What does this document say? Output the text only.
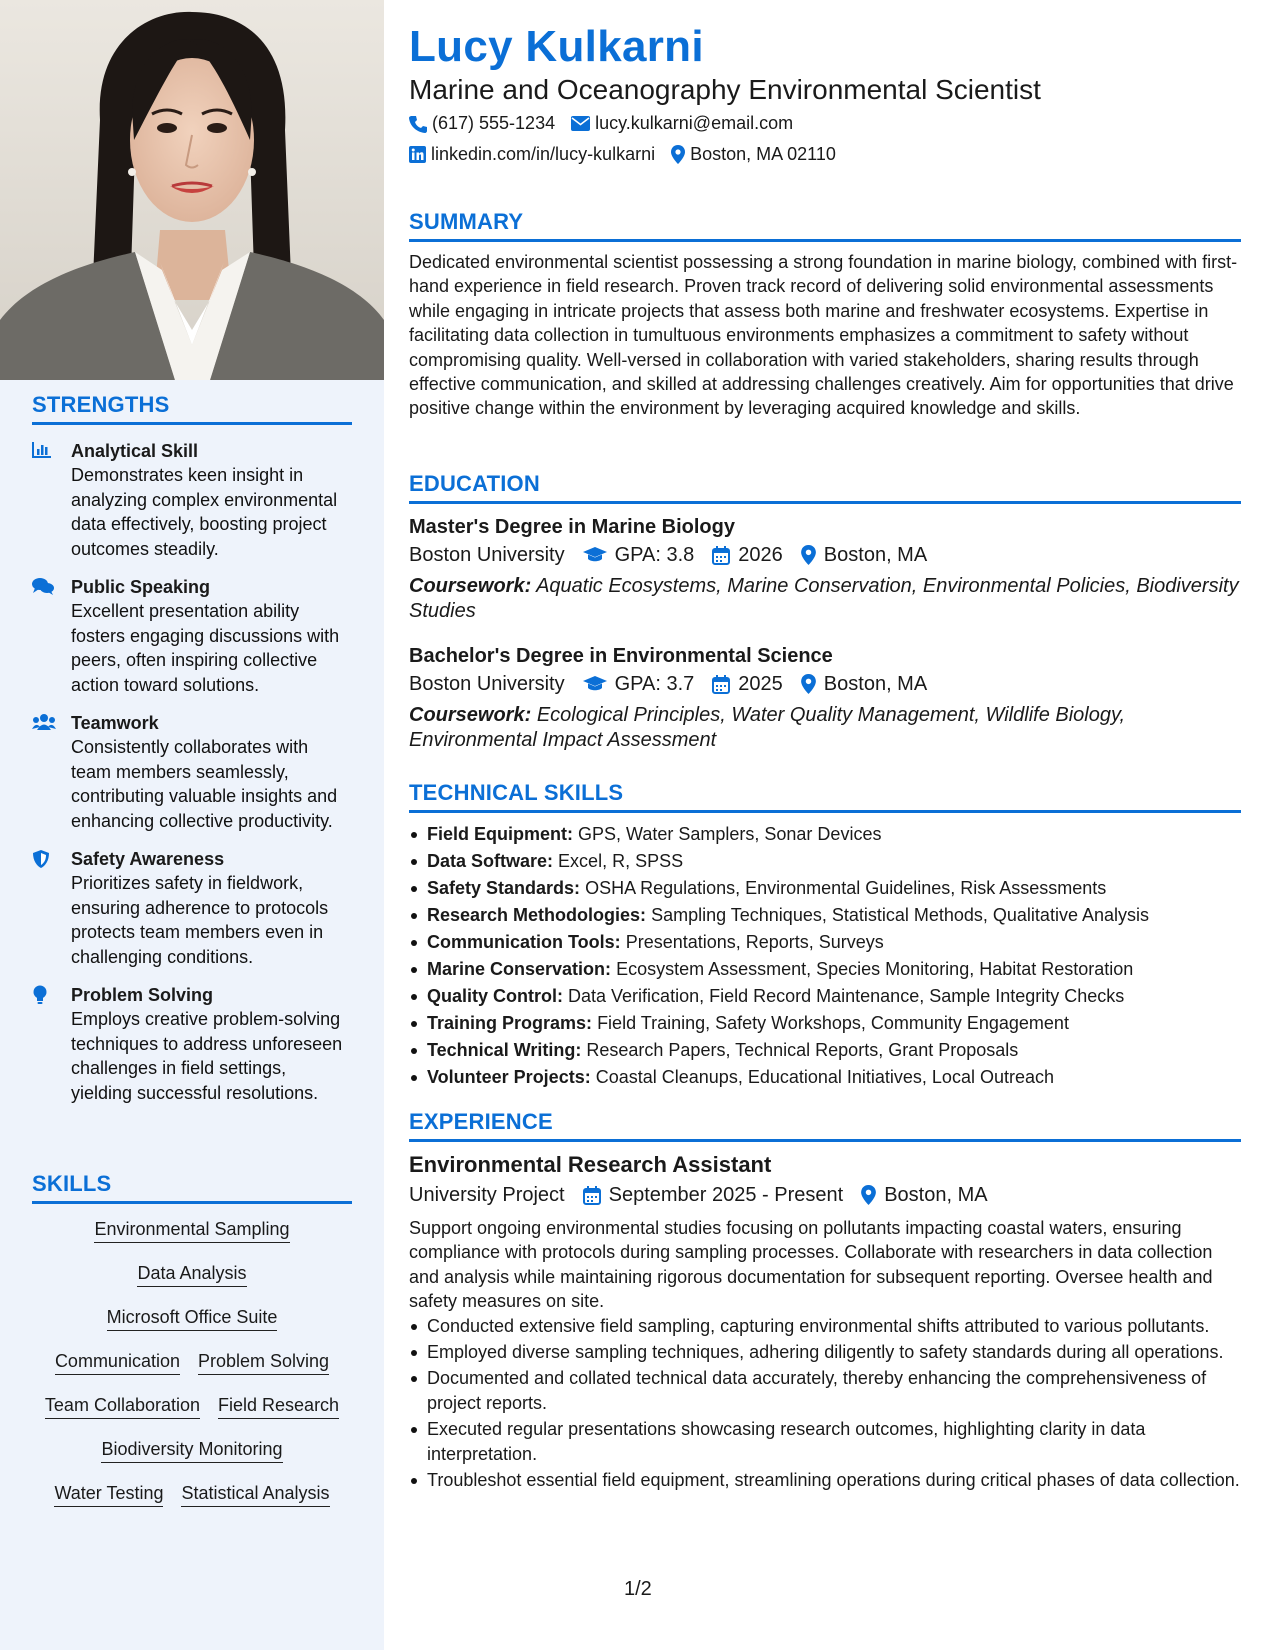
STRENGTHS
Analytical Skill
Demonstrates keen insight in analyzing complex environmental data effectively, boosting project outcomes steadily.
Public Speaking
Excellent presentation ability fosters engaging discussions with peers, often inspiring collective action toward solutions.
Teamwork
Consistently collaborates with team members seamlessly, contributing valuable insights and enhancing collective productivity.
Safety Awareness
Prioritizes safety in fieldwork, ensuring adherence to protocols protects team members even in challenging conditions.
Problem Solving
Employs creative problem-solving techniques to address unforeseen challenges in field settings, yielding successful resolutions.
SKILLS
Environmental Sampling
Data Analysis
Microsoft Office Suite
Communication Problem Solving
Team Collaboration Field Research
Biodiversity Monitoring
Water Testing Statistical Analysis
Lucy Kulkarni
Marine and Oceanography Environmental Scientist
(617) 555-1234 lucy.kulkarni@email.com
linkedin.com/in/lucy-kulkarni Boston, MA 02110
SUMMARY
Dedicated environmental scientist possessing a strong foundation in marine biology, combined with first-hand experience in field research. Proven track record of delivering solid environmental assessments while engaging in intricate projects that assess both marine and freshwater ecosystems. Expertise in facilitating data collection in tumultuous environments emphasizes a commitment to safety without compromising quality. Well-versed in collaboration with varied stakeholders, sharing results through effective communication, and skilled at addressing challenges creatively. Aim for opportunities that drive positive change within the environment by leveraging acquired knowledge and skills.
EDUCATION
Master's Degree in Marine Biology
Boston University	GPA: 3.8 2026 Boston, MA
Coursework: Aquatic Ecosystems, Marine Conservation, Environmental Policies, Biodiversity Studies
Bachelor's Degree in Environmental Science
Boston University	GPA: 3.7 2025 Boston, MA
Coursework: Ecological Principles, Water Quality Management, Wildlife Biology, Environmental Impact Assessment
TECHNICAL SKILLS
Field Equipment: GPS, Water Samplers, Sonar Devices
Data Software: Excel, R, SPSS
Safety Standards: OSHA Regulations, Environmental Guidelines, Risk Assessments
Research Methodologies: Sampling Techniques, Statistical Methods, Qualitative Analysis
Communication Tools: Presentations, Reports, Surveys
Marine Conservation: Ecosystem Assessment, Species Monitoring, Habitat Restoration
Quality Control: Data Verification, Field Record Maintenance, Sample Integrity Checks
Training Programs: Field Training, Safety Workshops, Community Engagement
Technical Writing: Research Papers, Technical Reports, Grant Proposals
Volunteer Projects: Coastal Cleanups, Educational Initiatives, Local Outreach
EXPERIENCE
Environmental Research Assistant
University Project September 2025 - Present Boston, MA
Support ongoing environmental studies focusing on pollutants impacting coastal waters, ensuring compliance with protocols during sampling processes. Collaborate with researchers in data collection and analysis while maintaining rigorous documentation for subsequent reporting. Oversee health and safety measures on site.
Conducted extensive field sampling, capturing environmental shifts attributed to various pollutants.
Employed diverse sampling techniques, adhering diligently to safety standards during all operations.
Documented and collated technical data accurately, thereby enhancing the comprehensiveness of project reports.
Executed regular presentations showcasing research outcomes, highlighting clarity in data interpretation.
Troubleshot essential field equipment, streamlining operations during critical phases of data collection.
1/2
